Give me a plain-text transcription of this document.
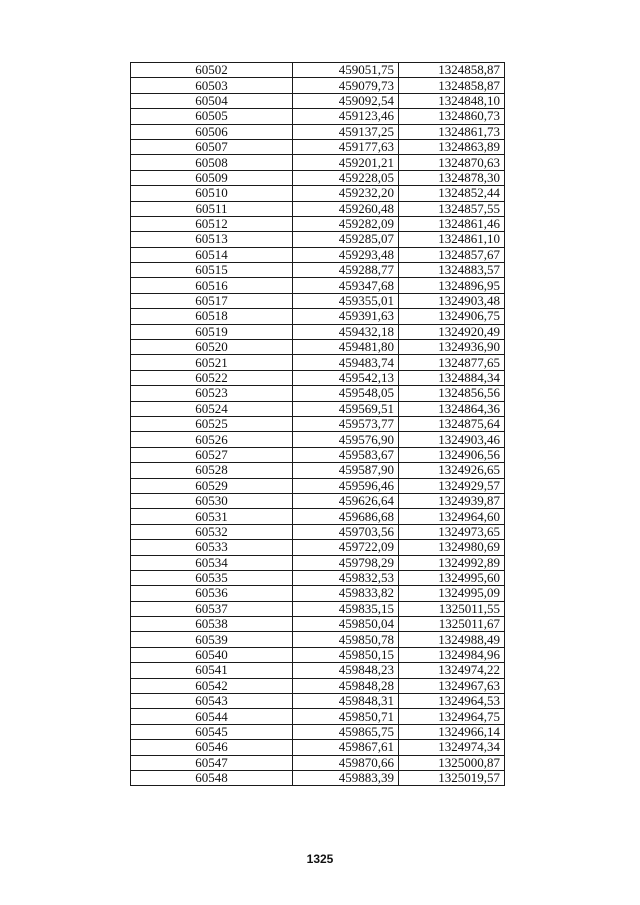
60502	459051,75	1324858,87
60503	459079,73	1324858,87
60504	459092,54	1324848,10
60505	459123,46	1324860,73
60506	459137,25	1324861,73
60507	459177,63	1324863,89
60508	459201,21	1324870,63
60509	459228,05	1324878,30
60510	459232,20	1324852,44
60511	459260,48	1324857,55
60512	459282,09	1324861,46
60513	459285,07	1324861,10
60514	459293,48	1324857,67
60515	459288,77	1324883,57
60516	459347,68	1324896,95
60517	459355,01	1324903,48
60518	459391,63	1324906,75
60519	459432,18	1324920,49
60520	459481,80	1324936,90
60521	459483,74	1324877,65
60522	459542,13	1324884,34
60523	459548,05	1324856,56
60524	459569,51	1324864,36
60525	459573,77	1324875,64
60526	459576,90	1324903,46
60527	459583,67	1324906,56
60528	459587,90	1324926,65
60529	459596,46	1324929,57
60530	459626,64	1324939,87
60531	459686,68	1324964,60
60532	459703,56	1324973,65
60533	459722,09	1324980,69
60534	459798,29	1324992,89
60535	459832,53	1324995,60
60536	459833,82	1324995,09
60537	459835,15	1325011,55
60538	459850,04	1325011,67
60539	459850,78	1324988,49
60540	459850,15	1324984,96
60541	459848,23	1324974,22
60542	459848,28	1324967,63
60543	459848,31	1324964,53
60544	459850,71	1324964,75
60545	459865,75	1324966,14
60546	459867,61	1324974,34
60547	459870,66	1325000,87
60548	459883,39	1325019,57
1325
